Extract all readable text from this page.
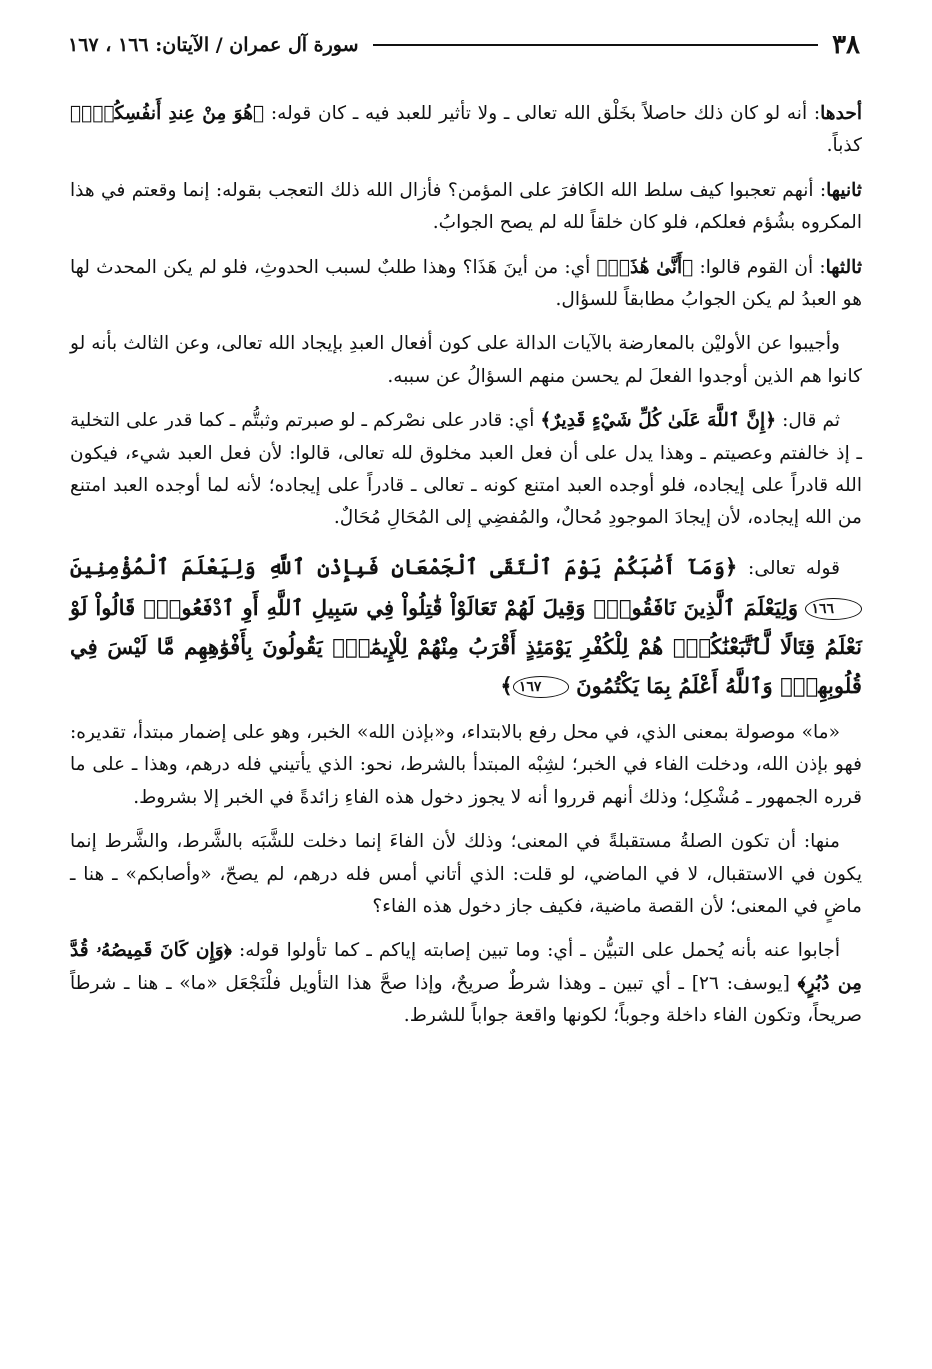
٣٨
سورة آل عمران / الآيتان: ١٦٦ ، ١٦٧

أحدها: أنه لو كان ذلك حاصلاً بخَلْق الله تعالى ـ ولا تأثير للعبد فيه ـ كان قوله: ﴿هُوَ مِنْ عِندِ أَنفُسِكُمْۗ﴾ كذباً.

ثانيها: أنهم تعجبوا كيف سلط الله الكافرَ على المؤمن؟ فأزال الله ذلك التعجب بقوله: إنما وقعتم في هذا المكروه بشُؤم فعلكم، فلو كان خلقاً لله لم يصح الجوابُ.

ثالثها: أن القوم قالوا: ﴿أَنَّىٰ هَٰذَاۖ﴾ أي: من أينَ هَذَا؟ وهذا طلبٌ لسبب الحدوثِ، فلو لم يكن المحدث لها هو العبدُ لم يكن الجوابُ مطابقاً للسؤال.

وأجيبوا عن الأوليْن بالمعارضة بالآيات الدالة على كون أفعال العبدِ بإيجاد الله تعالى، وعن الثالث بأنه لو كانوا هم الذين أوجدوا الفعلَ لم يحسن منهم السؤالُ عن سببه.

ثم قال: ﴿إِنَّ ٱللَّهَ عَلَىٰ كُلِّ شَيْءٍ قَدِيرٌ﴾ أي: قادر على نصْركم ـ لو صبرتم وثبتُّم ـ كما قدر على التخلية ـ إذ خالفتم وعصيتم ـ وهذا يدل على أن فعل العبد مخلوق لله تعالى، قالوا: لأن فعل العبد شيء، فيكون الله قادراً على إيجاده، فلو أوجده العبد امتنع كونه ـ تعالى ـ قادراً على إيجاده؛ لأنه لما أوجده العبد امتنع من الله إيجاده، لأن إيجادَ الموجودِ مُحالٌ، والمُفضِي إلى المُحَالِ مُحَالٌ.

قوله تعالى: ﴿وَمَآ أَصَٰبَكُمْ يَوْمَ ٱلْتَقَى ٱلْجَمْعَانِ فَبِإِذْنِ ٱللَّهِ وَلِيَعْلَمَ ٱلْمُؤْمِنِينَ ١٦٦ وَلِيَعْلَمَ ٱلَّذِينَ نَافَقُواْۚ وَقِيلَ لَهُمْ تَعَالَوْاْ قَٰتِلُواْ فِي سَبِيلِ ٱللَّهِ أَوِ ٱدْفَعُواْۖ قَالُواْ لَوْ نَعْلَمُ قِتَالًا لَّٱتَّبَعْنَٰكُمْۗ هُمْ لِلْكُفْرِ يَوْمَئِذٍ أَقْرَبُ مِنْهُمْ لِلْإِيمَٰنِۚ يَقُولُونَ بِأَفْوَٰهِهِم مَّا لَيْسَ فِي قُلُوبِهِمْۚ وَٱللَّهُ أَعْلَمُ بِمَا يَكْتُمُونَ ١٦٧﴾

«ما» موصولة بمعنى الذي، في محل رفع بالابتداء، و«بإذن الله» الخبر، وهو على إضمار مبتدأ، تقديره: فهو بإذن الله، ودخلت الفاء في الخبر؛ لشِبْه المبتدأ بالشرط، نحو: الذي يأتيني فله درهم، وهذا ـ على ما قرره الجمهور ـ مُشْكِل؛ وذلك أنهم قرروا أنه لا يجوز دخول هذه الفاءِ زائدةً في الخبر إلا بشروط.

منها: أن تكون الصلةُ مستقبلةً في المعنى؛ وذلك لأن الفاءَ إنما دخلت للشَّبَه بالشَّرط، والشَّرط إنما يكون في الاستقبال، لا في الماضي، لو قلت: الذي أتاني أمس فله درهم، لم يصحّ، «وأصابكم» ـ هنا ـ ماضٍ في المعنى؛ لأن القصة ماضية، فكيف جاز دخول هذه الفاء؟

أجابوا عنه بأنه يُحمل على التبيُّن ـ أي: وما تبين إصابته إياكم ـ كما تأولوا قوله: ﴿وَإِن كَانَ قَمِيصُهُۥ قُدَّ مِن دُبُرٍ﴾ [يوسف: ٢٦] ـ أي تبين ـ وهذا شرطٌ صريحٌ، وإذا صحَّ هذا التأويل فلْنَجْعَل «ما» ـ هنا ـ شرطاً صريحاً، وتكون الفاء داخلة وجوباً؛ لكونها واقعة جواباً للشرط.
